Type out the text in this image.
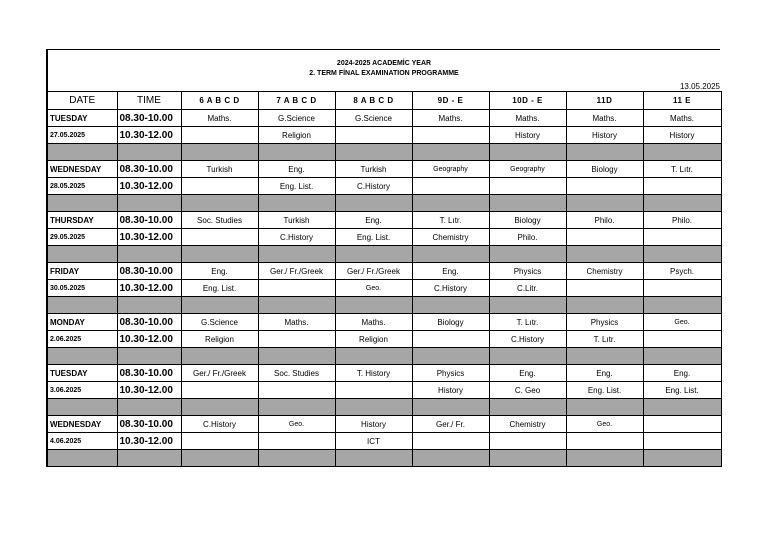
2024-2025 ACADEMİC YEAR
2. TERM FİNAL EXAMINATION PROGRAMME
13.05.2025
DATE	TIME	6 A B C D	7 A B C D	8 A B C D	9D - E	10D - E	11D	11 E
TUESDAY	08.30-10.00	Maths.	G.Science	G.Science	Maths.	Maths.	Maths.	Maths.
27.05.2025	10.30-12.00		Religion			History	History	History

WEDNESDAY	08.30-10.00	Turkish	Eng.	Turkish	Geography	Geography	Biology	T. Lıtr.
28.05.2025	10.30-12.00		Eng. List.	C.History				

THURSDAY	08.30-10.00	Soc. Studies	Turkish	Eng.	T. Lıtr.	Biology	Philo.	Philo.
29.05.2025	10.30-12.00		C.History	Eng. List.	Chemistry	Philo.		

FRIDAY	08.30-10.00	Eng.	Ger./ Fr./Greek	Ger./ Fr./Greek	Eng.	Physics	Chemistry	Psych.
30.05.2025	10.30-12.00	Eng. List.		Geo.	C.History	C.Litr.		

MONDAY	08.30-10.00	G.Science	Maths.	Maths.	Biology	T. Lıtr.	Physics	Geo.
2.06.2025	10.30-12.00	Religion		Religion		C.History	T. Lıtr.	

TUESDAY	08.30-10.00	Ger./ Fr./Greek	Soc. Studies	T. History	Physics	Eng.	Eng.	Eng.
3.06.2025	10.30-12.00				History	C. Geo	Eng. List.	Eng. List.

WEDNESDAY	08.30-10.00	C.History	Geo.	History	Ger./ Fr.	Chemistry	Geo.	
4.06.2025	10.30-12.00			ICT				
